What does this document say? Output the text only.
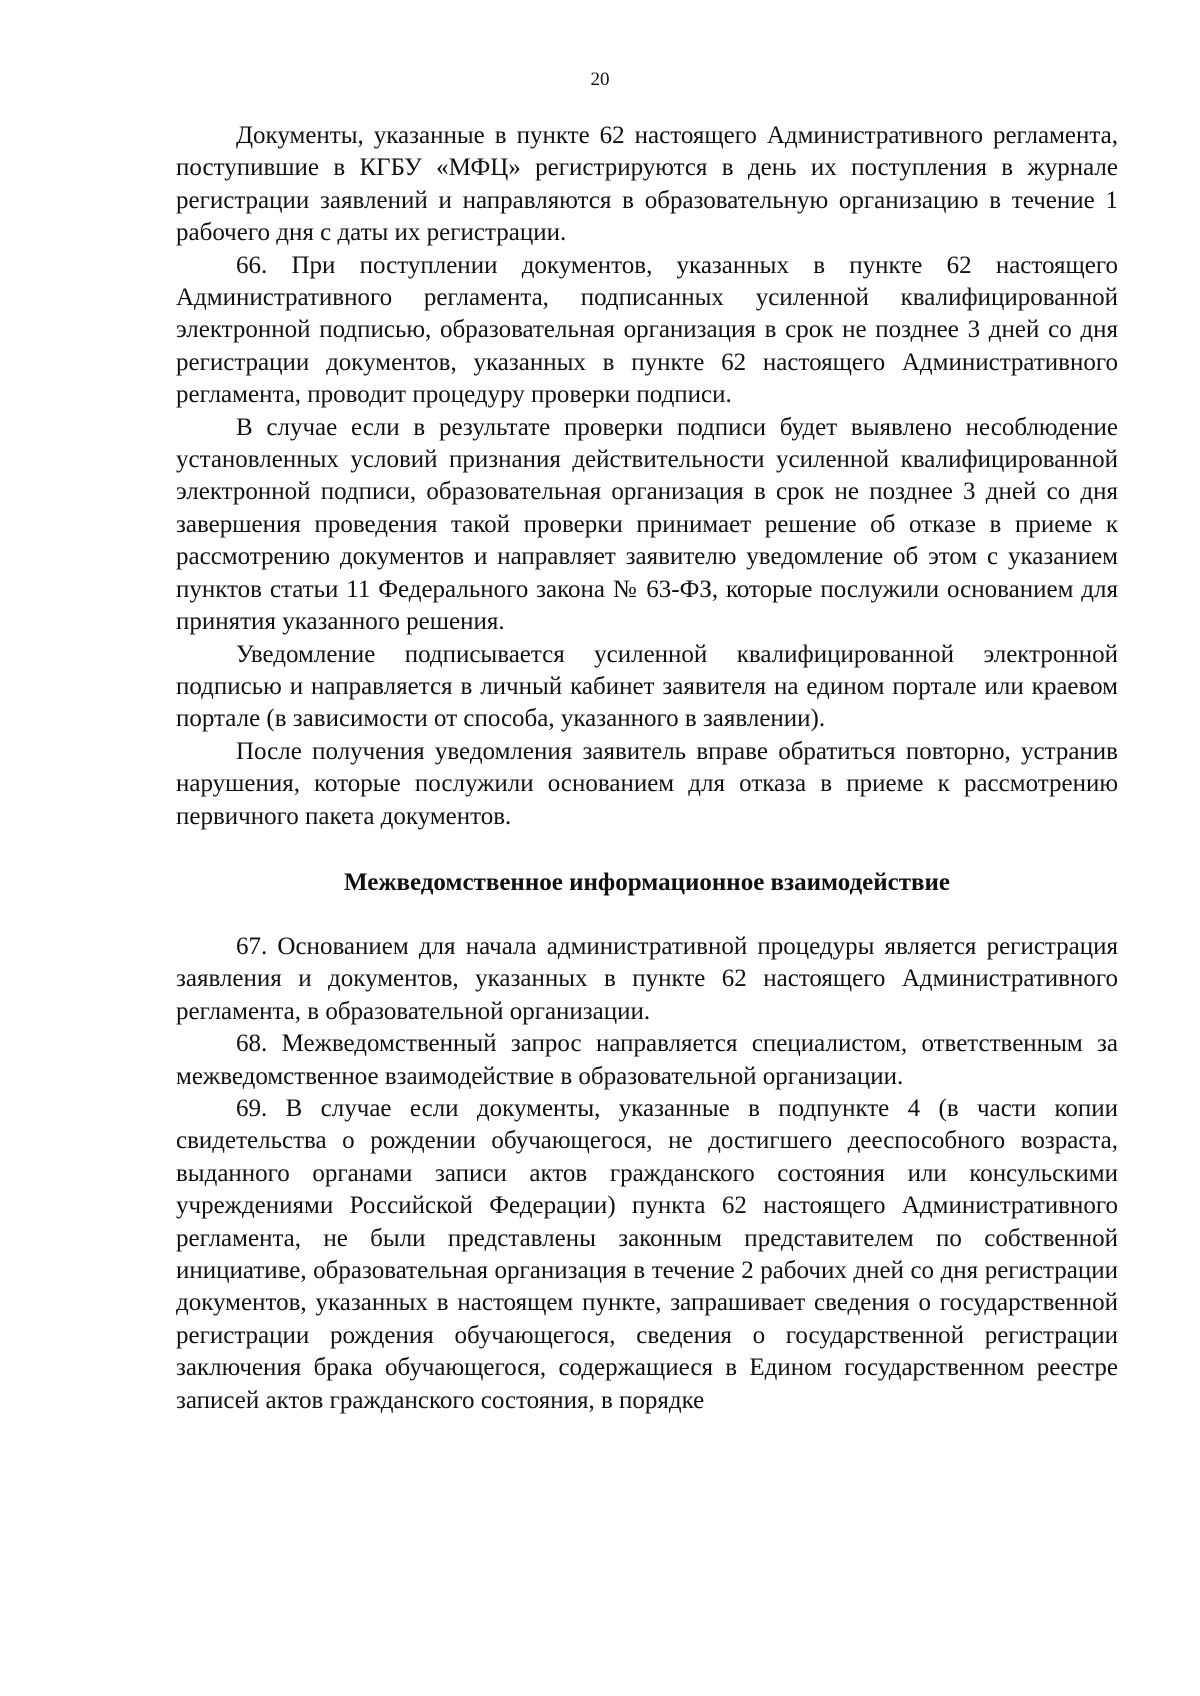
20

Документы, указанные в пункте 62 настоящего Административного регламента, поступившие в КГБУ «МФЦ» регистрируются в день их поступления в журнале регистрации заявлений и направляются в образовательную организацию в течение 1 рабочего дня с даты их регистрации.

66. При поступлении документов, указанных в пункте 62 настоящего Административного регламента, подписанных усиленной квалифицированной электронной подписью, образовательная организация в срок не позднее 3 дней со дня регистрации документов, указанных в пункте 62 настоящего Административного регламента, проводит процедуру проверки подписи.

В случае если в результате проверки подписи будет выявлено несоблюдение установленных условий признания действительности усиленной квалифицированной электронной подписи, образовательная организация в срок не позднее 3 дней со дня завершения проведения такой проверки принимает решение об отказе в приеме к рассмотрению документов и направляет заявителю уведомление об этом с указанием пунктов статьи 11 Федерального закона № 63-ФЗ, которые послужили основанием для принятия указанного решения.

Уведомление подписывается усиленной квалифицированной электронной подписью и направляется в личный кабинет заявителя на едином портале или краевом портале (в зависимости от способа, указанного в заявлении).

После получения уведомления заявитель вправе обратиться повторно, устранив нарушения, которые послужили основанием для отказа в приеме к рассмотрению первичного пакета документов.

Межведомственное информационное взаимодействие

67. Основанием для начала административной процедуры является регистрация заявления и документов, указанных в пункте 62 настоящего Административного регламента, в образовательной организации.

68. Межведомственный запрос направляется специалистом, ответственным за межведомственное взаимодействие в образовательной организации.

69. В случае если документы, указанные в подпункте 4 (в части копии свидетельства о рождении обучающегося, не достигшего дееспособного возраста, выданного органами записи актов гражданского состояния или консульскими учреждениями Российской Федерации) пункта 62 настоящего Административного регламента, не были представлены законным представителем по собственной инициативе, образовательная организация в течение 2 рабочих дней со дня регистрации документов, указанных в настоящем пункте, запрашивает сведения о государственной регистрации рождения обучающегося, сведения о государственной регистрации заключения брака обучающегося, содержащиеся в Едином государственном реестре записей актов гражданского состояния, в порядке
